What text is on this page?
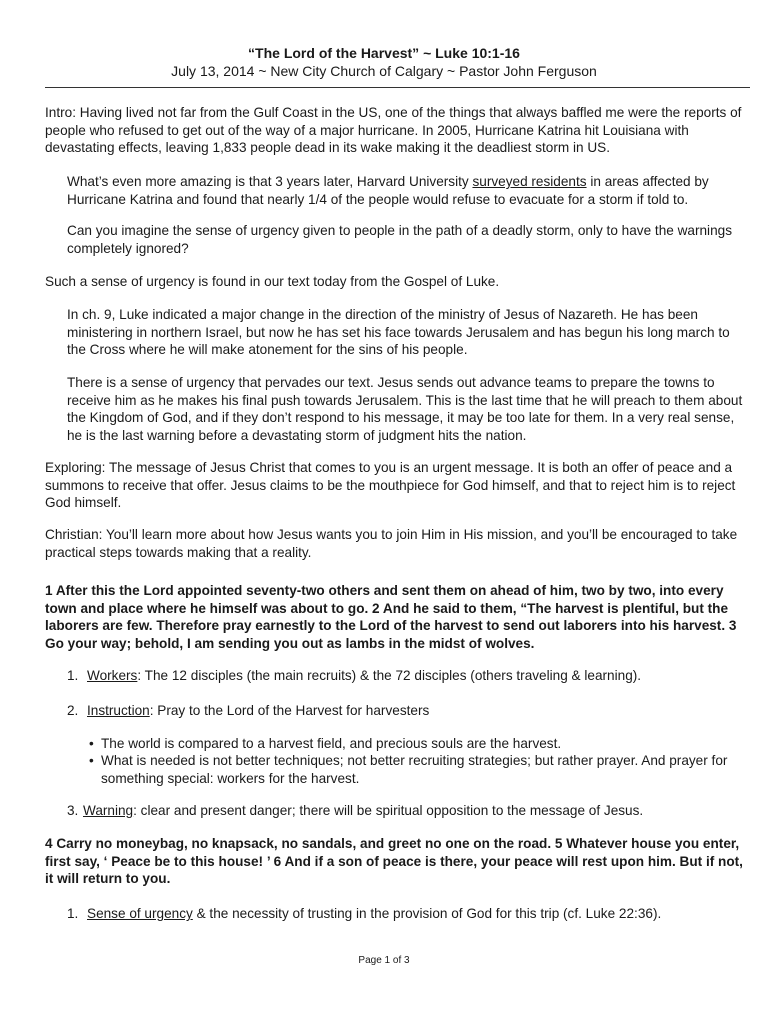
“The Lord of the Harvest” ~ Luke 10:1-16
July 13, 2014 ~ New City Church of Calgary ~ Pastor John Ferguson

Intro: Having lived not far from the Gulf Coast in the US, one of the things that always baffled me were the reports of people who refused to get out of the way of a major hurricane. In 2005, Hurricane Katrina hit Louisiana with devastating effects, leaving 1,833 people dead in its wake making it the deadliest storm in US.

What’s even more amazing is that 3 years later, Harvard University surveyed residents in areas affected by Hurricane Katrina and found that nearly 1/4 of the people would refuse to evacuate for a storm if told to.

Can you imagine the sense of urgency given to people in the path of a deadly storm, only to have the warnings completely ignored?

Such a sense of urgency is found in our text today from the Gospel of Luke.

In ch. 9, Luke indicated a major change in the direction of the ministry of Jesus of Nazareth. He has been ministering in northern Israel, but now he has set his face towards Jerusalem and has begun his long march to the Cross where he will make atonement for the sins of his people.

There is a sense of urgency that pervades our text. Jesus sends out advance teams to prepare the towns to receive him as he makes his final push towards Jerusalem. This is the last time that he will preach to them about the Kingdom of God, and if they don’t respond to his message, it may be too late for them. In a very real sense, he is the last warning before a devastating storm of judgment hits the nation.

Exploring: The message of Jesus Christ that comes to you is an urgent message. It is both an offer of peace and a summons to receive that offer. Jesus claims to be the mouthpiece for God himself, and that to reject him is to reject God himself.

Christian: You’ll learn more about how Jesus wants you to join Him in His mission, and you’ll be encouraged to take practical steps towards making that a reality.

1 After this the Lord appointed seventy-two others and sent them on ahead of him, two by two, into every town and place where he himself was about to go. 2 And he said to them, “The harvest is plentiful, but the laborers are few. Therefore pray earnestly to the Lord of the harvest to send out laborers into his harvest. 3 Go your way; behold, I am sending you out as lambs in the midst of wolves.

1. Workers: The 12 disciples (the main recruits) & the 72 disciples (others traveling & learning).
2. Instruction: Pray to the Lord of the Harvest for harvesters
• The world is compared to a harvest field, and precious souls are the harvest.
• What is needed is not better techniques; not better recruiting strategies; but rather prayer. And prayer for something special: workers for the harvest.
3. Warning: clear and present danger; there will be spiritual opposition to the message of Jesus.

4 Carry no moneybag, no knapsack, no sandals, and greet no one on the road. 5 Whatever house you enter, first say, ‘ Peace be to this house! ’ 6 And if a son of peace is there, your peace will rest upon him. But if not, it will return to you.

1. Sense of urgency & the necessity of trusting in the provision of God for this trip (cf. Luke 22:36).
Page 1 of 3
